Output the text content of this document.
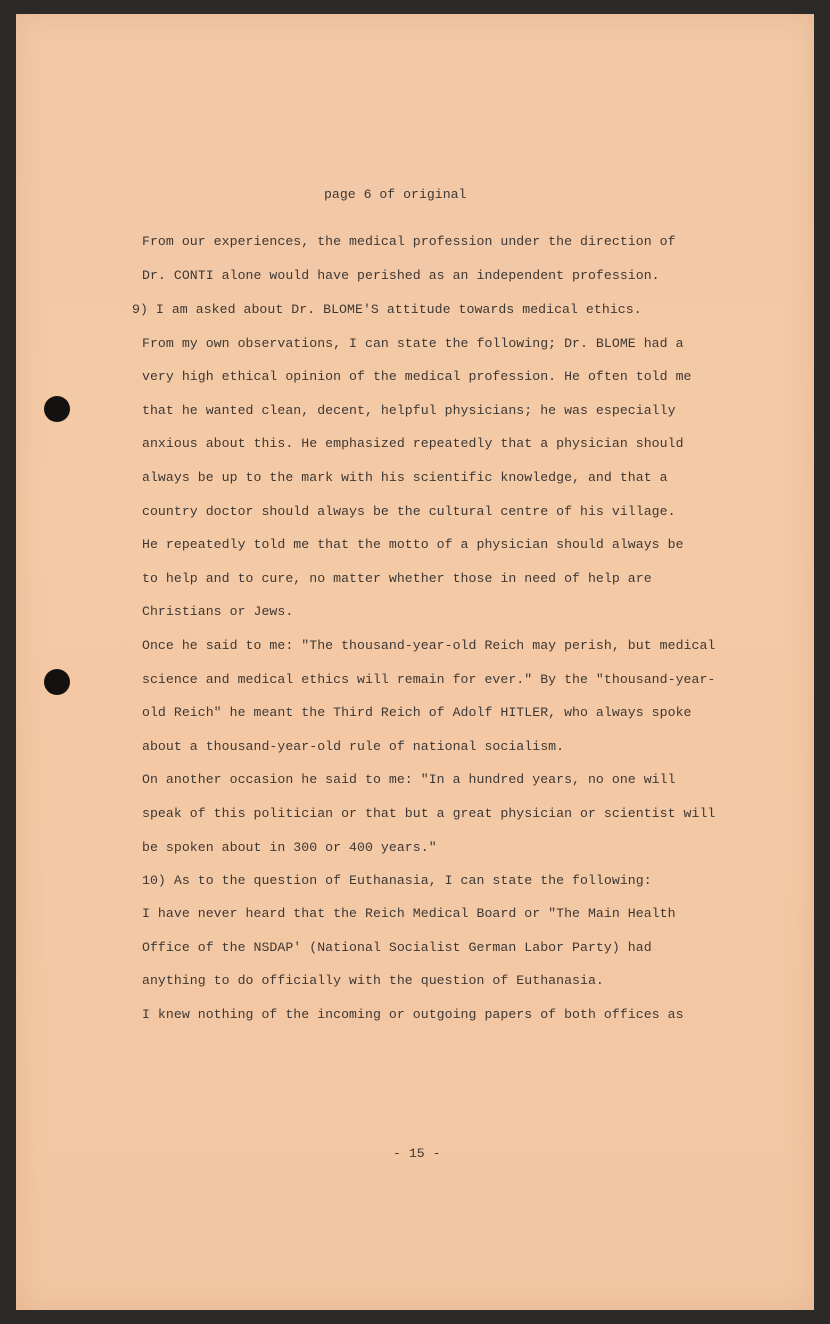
page 6 of original
From our experiences, the medical profession under the direction of
Dr. CONTI alone would have perished as an independent profession.
9) I am asked about Dr. BLOME'S attitude towards medical ethics.
From my own observations, I can state the following; Dr. BLOME had a
very high ethical opinion of the medical profession. He often told me
that he wanted clean, decent, helpful physicians; he was especially
anxious about this. He emphasized repeatedly that a physician should
always be up to the mark with his scientific knowledge, and that a
country doctor should always be the cultural centre of his village.
He repeatedly told me that the motto of a physician should always be
to help and to cure, no matter whether those in need of help are
Christians or Jews.
Once he said to me: "The thousand-year-old Reich may perish, but medical
science and medical ethics will remain for ever." By the "thousand-year-
old Reich" he meant the Third Reich of Adolf HITLER, who always spoke
about a thousand-year-old rule of national socialism.
On another occasion he said to me: "In a hundred years, no one will
speak of this politician or that but a great physician or scientist will
be spoken about in 300 or 400 years."
10) As to the question of Euthanasia, I can state the following:
I have never heard that the Reich Medical Board or "The Main Health
Office of the NSDAP' (National Socialist German Labor Party) had
anything to do officially with the question of Euthanasia.
I knew nothing of the incoming or outgoing papers of both offices as
- 15 -
